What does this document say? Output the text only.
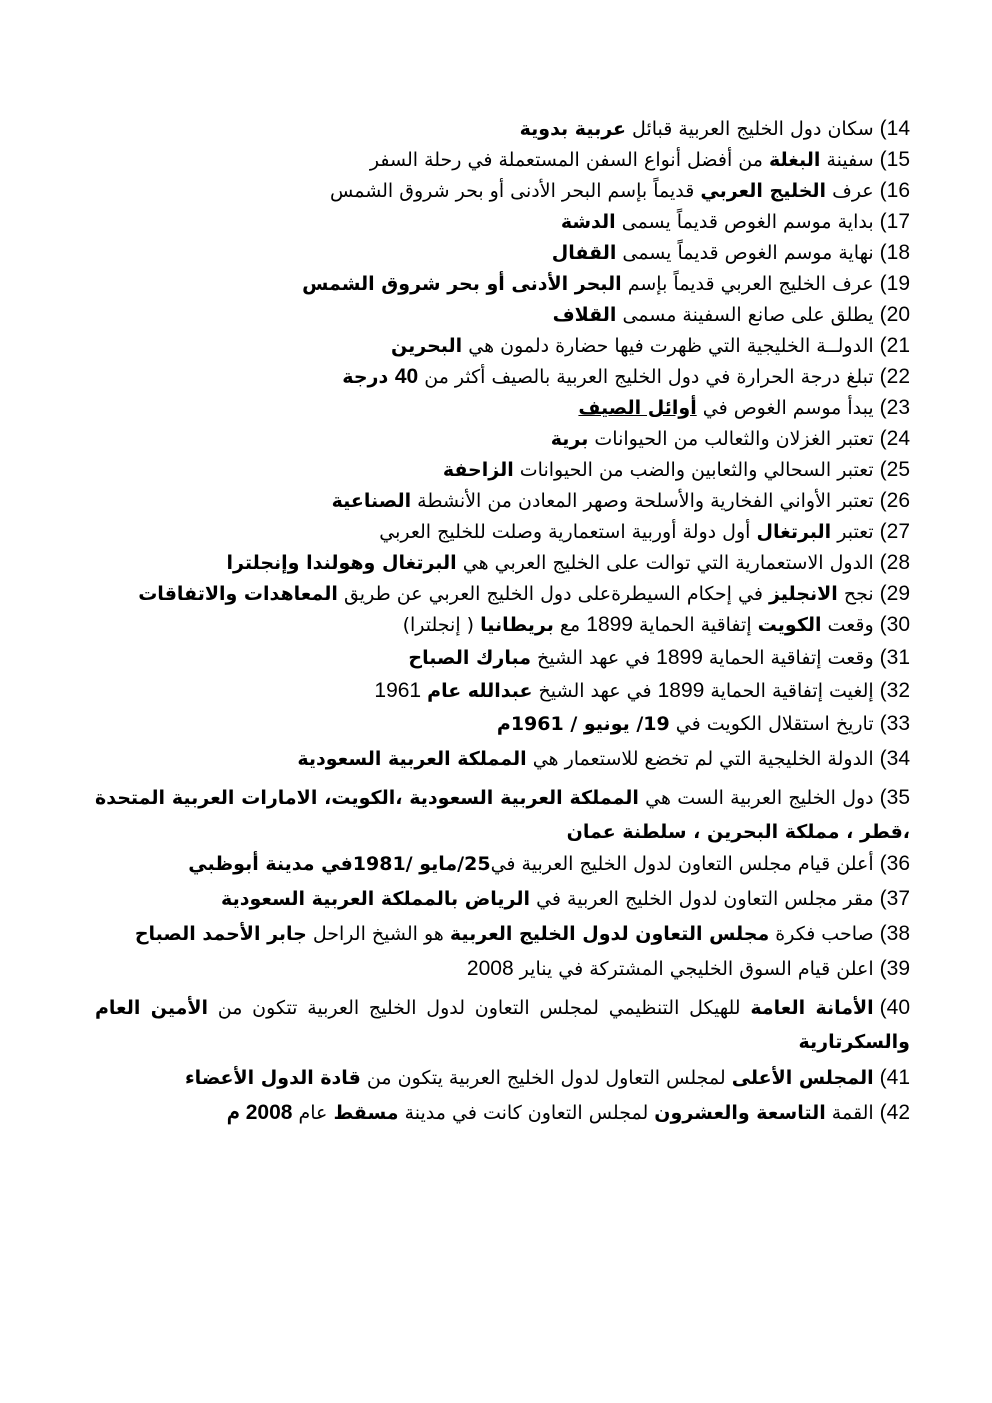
14)سكان دول الخليج العربية قبائل عربية بدوية
15)سفينة البغلة من أفضل أنواع السفن المستعملة في رحلة السفر
16)عرف الخليج العربي قديماً بإسم البحر الأدنى أو بحر شروق الشمس
17)بداية موسم الغوص قديماً يسمى الدشة
18)نهاية موسم الغوص قديماً يسمى القفال
19)عرف الخليج العربي قديماً بإسم البحر الأدنى أو بحر شروق الشمس
20)يطلق على صانع السفينة مسمى القلاف
21)الدولــة الخليجية التي ظهرت فيها حضارة دلمون هي البحرين
22)تبلغ درجة الحرارة في دول الخليج العربية بالصيف أكثر من 40 درجة
23)يبدأ موسم الغوص في أوائل الصيف
24)تعتبر الغزلان والثعالب من الحيوانات برية
25)تعتبر السحالي والثعابين والضب من الحيوانات الزاحفة
26)تعتبر الأواني الفخارية والأسلحة وصهر المعادن من الأنشطة الصناعية
27)تعتبر البرتغال أول دولة أوربية استعمارية وصلت للخليج العربي
28)الدول الاستعمارية التي توالت على الخليج العربي هي البرتغال وهولندا وإنجلترا
29)نجح الانجليز في إحكام السيطرةعلى دول الخليج العربي عن طريق المعاهدات والاتفاقات
30)وقعت الكويت إتفاقية الحماية 1899 مع بريطانيا ( إنجلترا)
31)وقعت إتفاقية الحماية 1899 في عهد الشيخ مبارك الصباح
32)إلغيت إتفاقية الحماية 1899 في عهد الشيخ عبدالله عام 1961
33)تاريخ استقلال الكويت في 19/ يونيو / 1961م
34)الدولة الخليجية التي لم تخضع للاستعمار هي المملكة العربية السعودية
35)دول الخليج العربية الست هي المملكة العربية السعودية ،الكويت، الامارات العربية المتحدة ،قطر ، مملكة البحرين ، سلطنة عمان
36)أعلن قيام مجلس التعاون لدول الخليج العربية في25/مايو /1981في مدينة أبوظبي
37)مقر مجلس التعاون لدول الخليج العربية في الرياض بالمملكة العربية السعودية
38)صاحب فكرة مجلس التعاون لدول الخليج العربية هو الشيخ الراحل جابر الأحمد الصباح
39)اعلن قيام السوق الخليجي المشتركة في يناير 2008
40)الأمانة العامة للهيكل التنظيمي لمجلس التعاون لدول الخليج العربية تتكون من الأمين العام والسكرتارية
41)المجلس الأعلى لمجلس التعاول لدول الخليج العربية يتكون من قادة الدول الأعضاء
42)القمة التاسعة والعشرون لمجلس التعاون كانت في مدينة مسقط عام 2008 م
